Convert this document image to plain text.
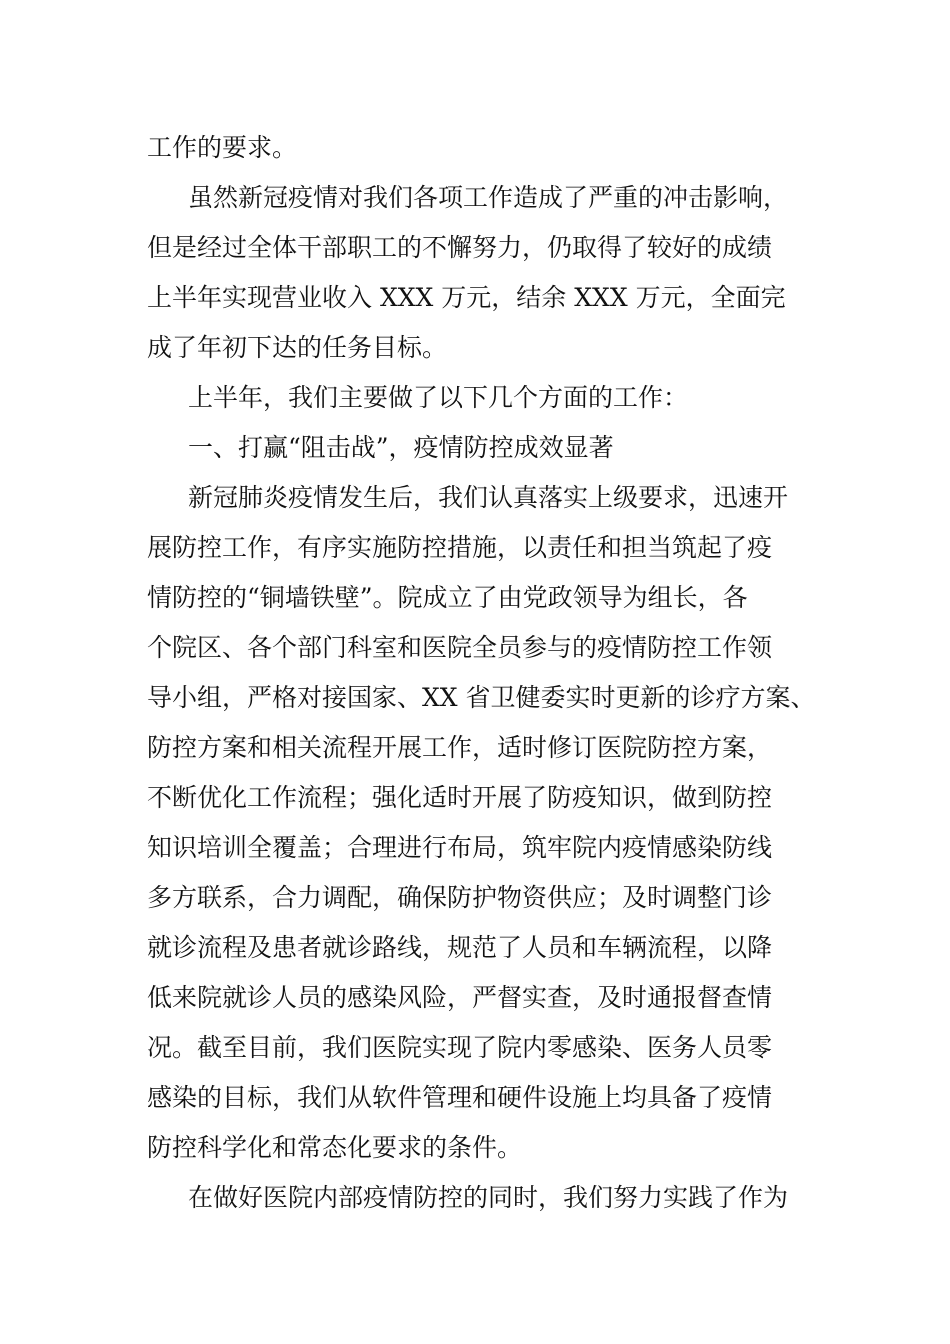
工作的要求。
虽然新冠疫情对我们各项工作造成了严重的冲击影响，
但是经过全体干部职工的不懈努力，仍取得了较好的成绩
上半年实现营业收入 XXX 万元，结余 XXX 万元，全面完
成了年初下达的任务目标。
上半年，我们主要做了以下几个方面的工作：
一、打赢“阻击战”，疫情防控成效显著
新冠肺炎疫情发生后，我们认真落实上级要求，迅速开
展防控工作，有序实施防控措施，以责任和担当筑起了疫
情防控的“铜墙铁壁”。院成立了由党政领导为组长，各
个院区、各个部门科室和医院全员参与的疫情防控工作领
导小组，严格对接国家、XX 省卫健委实时更新的诊疗方案、
防控方案和相关流程开展工作，适时修订医院防控方案，
不断优化工作流程；强化适时开展了防疫知识，做到防控
知识培训全覆盖；合理进行布局，筑牢院内疫情感染防线
多方联系，合力调配，确保防护物资供应；及时调整门诊
就诊流程及患者就诊路线，规范了人员和车辆流程，以降
低来院就诊人员的感染风险，严督实查，及时通报督查情
况。截至目前，我们医院实现了院内零感染、医务人员零
感染的目标，我们从软件管理和硬件设施上均具备了疫情
防控科学化和常态化要求的条件。
在做好医院内部疫情防控的同时，我们努力实践了作为
